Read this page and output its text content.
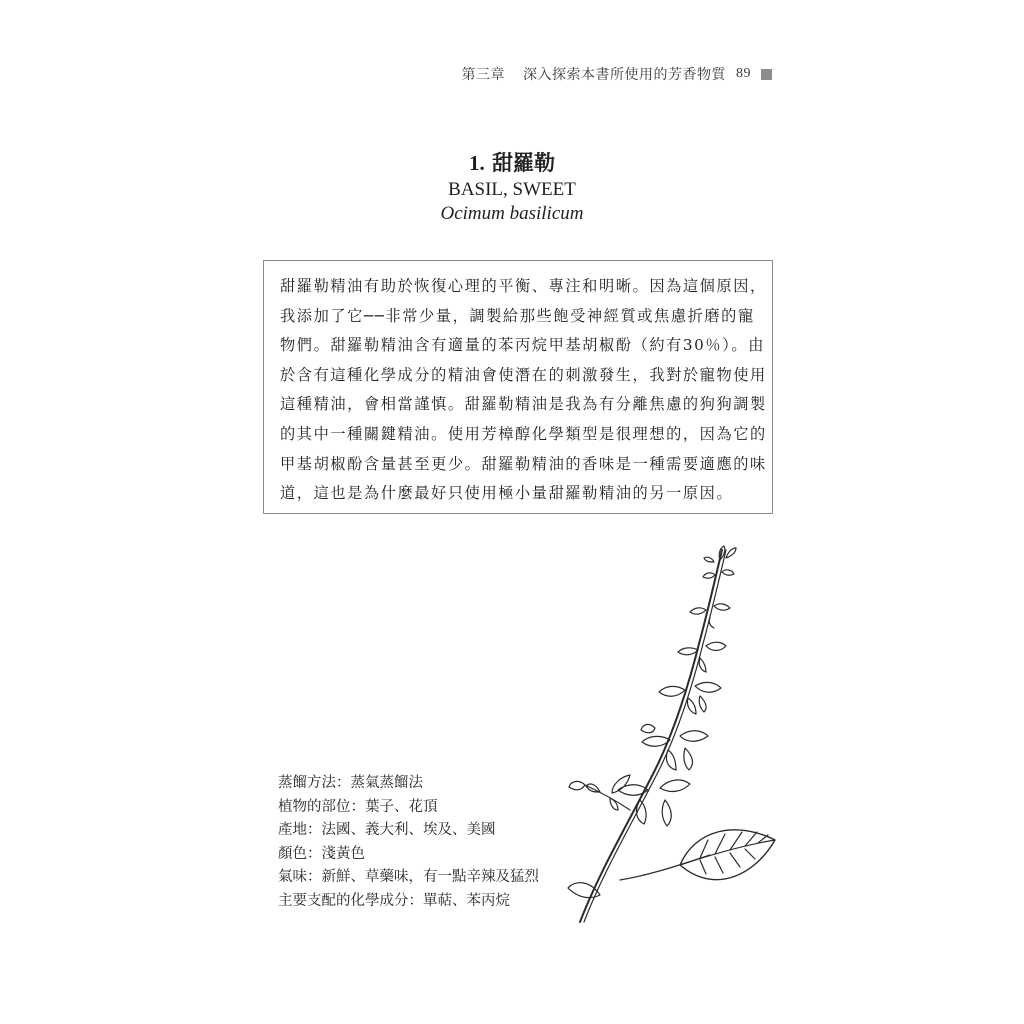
第三章 深入探索本書所使用的芳香物質 89
1. 甜羅勒
BASIL, SWEET
Ocimum basilicum
甜羅勒精油有助於恢復心理的平衡、專注和明晰。因為這個原因，
我添加了它──非常少量，調製給那些飽受神經質或焦慮折磨的寵
物們。甜羅勒精油含有適量的苯丙烷甲基胡椒酚（約有30％）。由
於含有這種化學成分的精油會使潛在的刺激發生，我對於寵物使用
這種精油，會相當謹慎。甜羅勒精油是我為有分離焦慮的狗狗調製
的其中一種關鍵精油。使用芳樟醇化學類型是很理想的，因為它的
甲基胡椒酚含量甚至更少。甜羅勒精油的香味是一種需要適應的味
道，這也是為什麼最好只使用極小量甜羅勒精油的另一原因。
蒸餾方法：蒸氣蒸餾法
植物的部位：葉子、花頂
產地：法國、義大利、埃及、美國
顏色：淺黃色
氣味：新鮮、草藥味，有一點辛辣及猛烈
主要支配的化學成分：單萜、苯丙烷
